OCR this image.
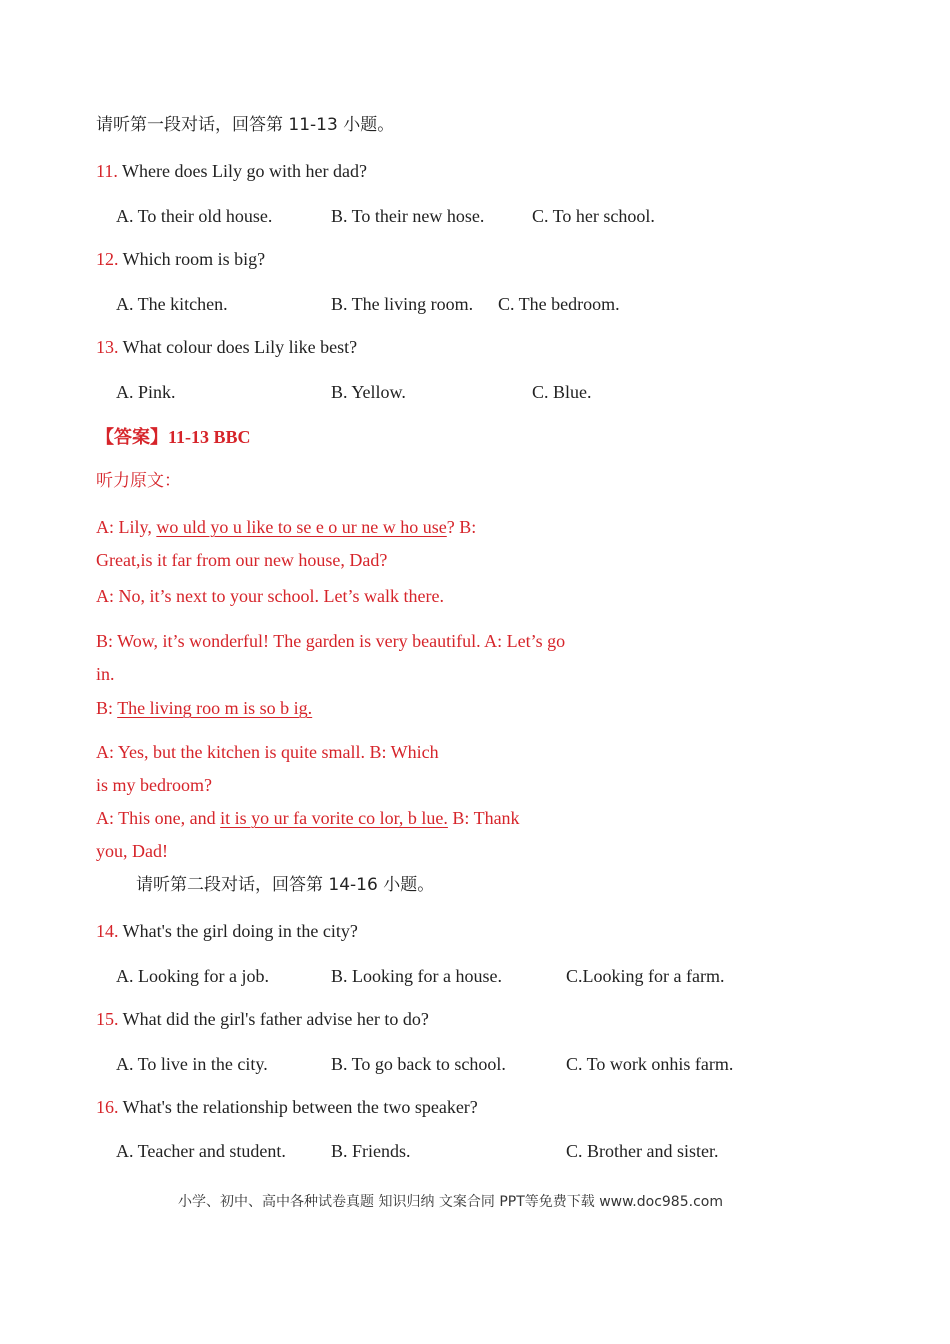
请听第一段对话，回答第 11-13 小题。
11. Where does Lily go with her dad?
A. To their old house.	B. To their new hose.	C. To her school.
12. Which room is big?
A. The kitchen.	B. The living room. C. The bedroom.
13. What colour does Lily like best?
A. Pink.	B. Yellow.	C. Blue.
【答案】11-13 BBC
听力原文：
A: Lily, wo uld yo u like to se e o ur ne w ho use? B:
Great,is it far from our new house, Dad?
A: No, it’s next to your school. Let’s walk there.
B: Wow, it’s wonderful! The garden is very beautiful. A: Let’s go
in.
B: The living roo m is so b ig.
A: Yes, but the kitchen is quite small. B: Which
is my bedroom?
A: This one, and it is yo ur fa vorite co lor, b lue. B: Thank
you, Dad!
请听第二段对话，回答第 14-16 小题。
14. What's the girl doing in the city?
A. Looking for a job.	B. Looking for a house.	C.Looking for a farm.
15. What did the girl's father advise her to do?
A. To live in the city.	B. To go back to school.	C. To work onhis farm.
16. What's the relationship between the two speaker?
A. Teacher and student.	B. Friends.	C. Brother and sister.
小学、初中、高中各种试卷真题 知识归纳 文案合同 PPT等免费下载 www.doc985.com
